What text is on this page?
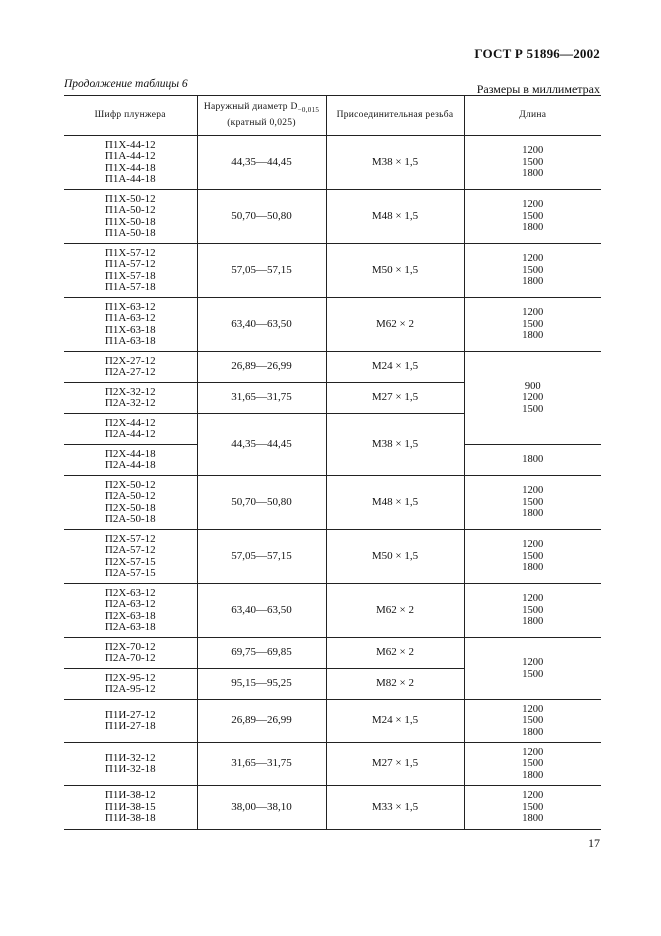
ГОСТ Р 51896—2002
Продолжение таблицы 6	Размеры в миллиметрах
Шифр плунжера	Наружный диаметр $D_{-0,015}$
(кратный 0,025)	Присоединительная резьба	Длина

П1Х-44-12
П1А-44-12
П1Х-44-18
П1А-44-18	44,35—44,45	М38 × 1,5	1200
1500
1800

П1Х-50-12
П1А-50-12
П1Х-50-18
П1А-50-18	50,70—50,80	М48 × 1,5	1200
1500
1800

П1Х-57-12
П1А-57-12
П1Х-57-18
П1А-57-18	57,05—57,15	М50 × 1,5	1200
1500
1800

П1Х-63-12
П1А-63-12
П1Х-63-18
П1А-63-18	63,40—63,50	М62 × 2	1200
1500
1800

П2Х-27-12
П2А-27-12	26,89—26,99	М24 × 1,5	900
1200
1500

П2Х-32-12
П2А-32-12	31,65—31,75	М27 × 1,5	

П2Х-44-12
П2А-44-12	44,35—44,45	М38 × 1,5	

П2Х-44-18
П2А-44-18			1800

П2Х-50-12
П2А-50-12
П2Х-50-18
П2А-50-18	50,70—50,80	М48 × 1,5	1200
1500
1800

П2Х-57-12
П2А-57-12
П2Х-57-15
П2А-57-15	57,05—57,15	М50 × 1,5	1200
1500
1800

П2Х-63-12
П2А-63-12
П2Х-63-18
П2А-63-18	63,40—63,50	М62 × 2	1200
1500
1800

П2Х-70-12
П2А-70-12	69,75—69,85	М62 × 2	1200
1500

П2Х-95-12
П2А-95-12	95,15—95,25	М82 × 2	

П1И-27-12
П1И-27-18	26,89—26,99	М24 × 1,5	1200
1500
1800

П1И-32-12
П1И-32-18	31,65—31,75	М27 × 1,5	1200
1500
1800

П1И-38-12
П1И-38-15
П1И-38-18	38,00—38,10	М33 × 1,5	1200
1500
1800
17
